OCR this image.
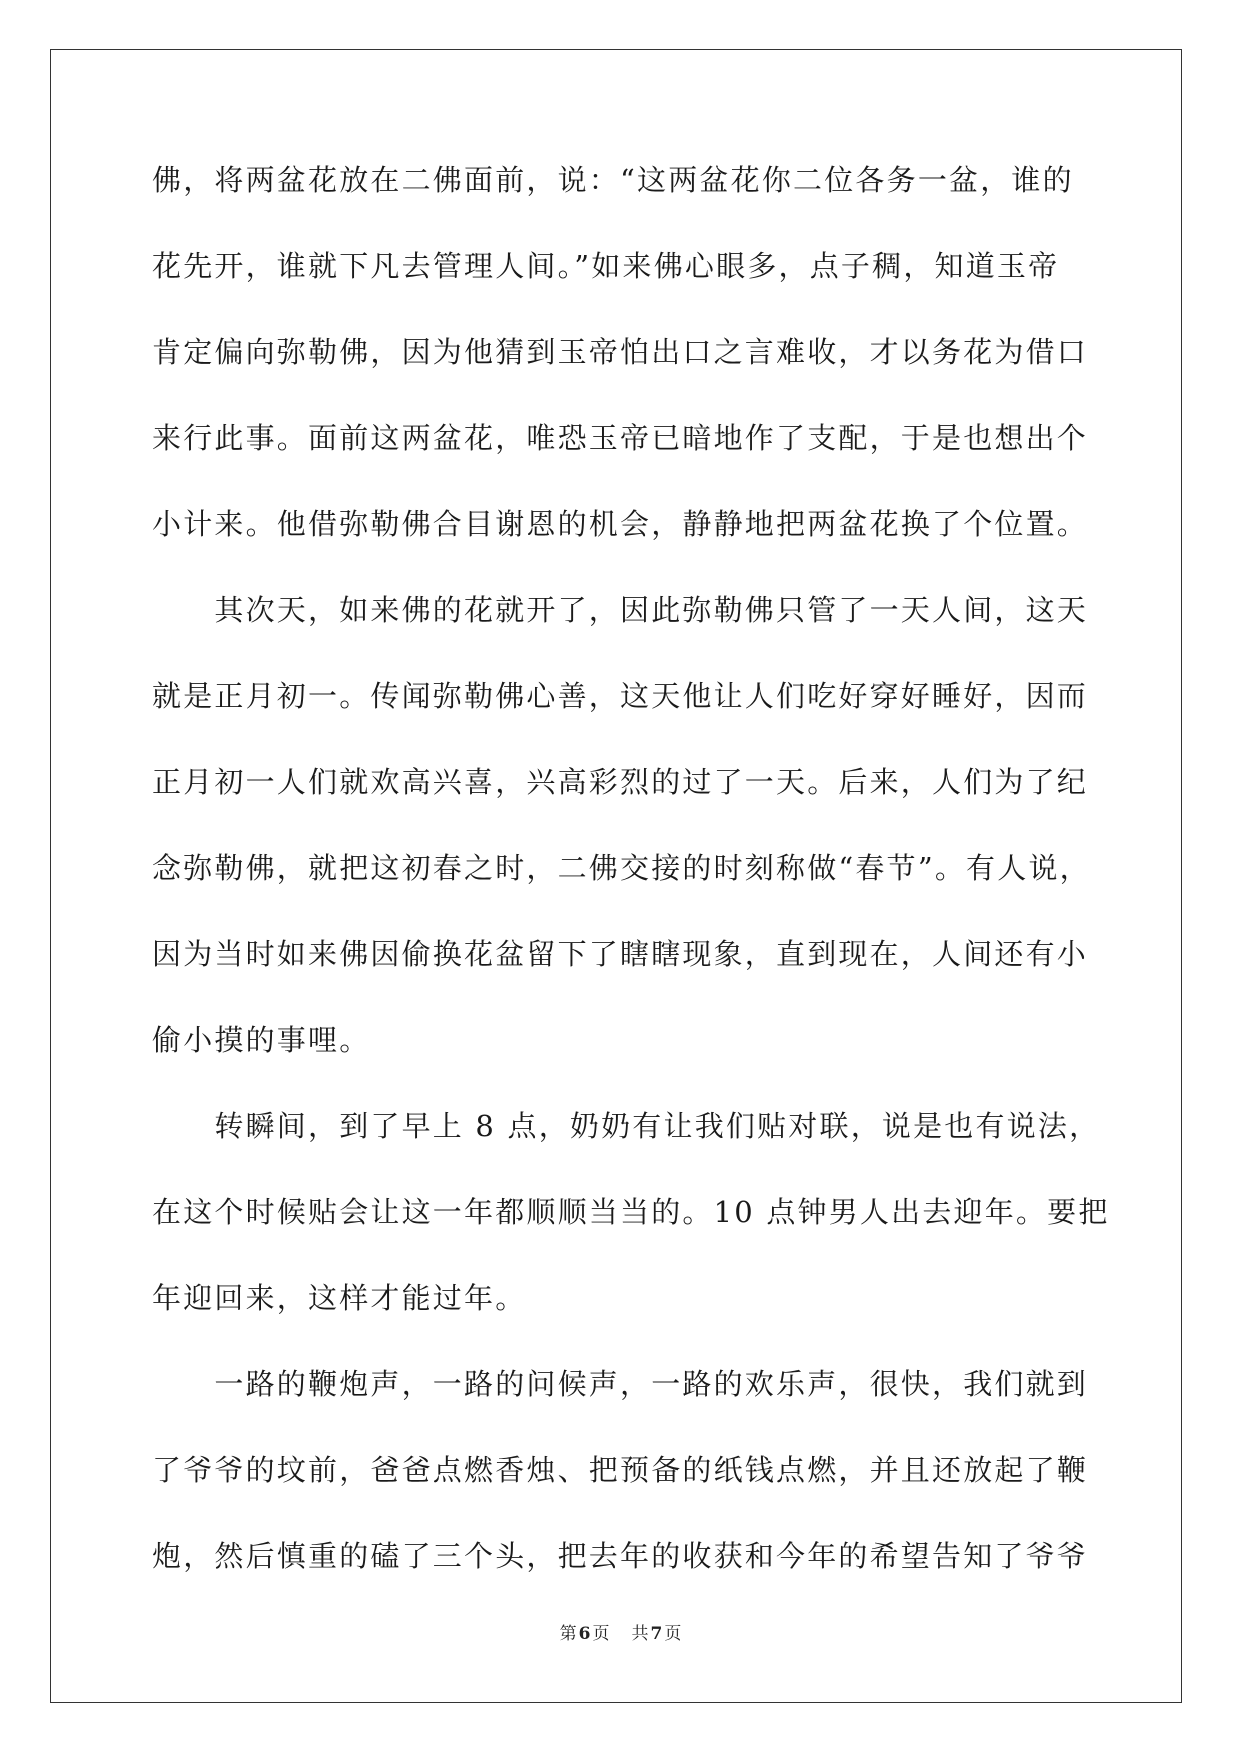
佛，将两盆花放在二佛面前，说：“这两盆花你二位各务一盆，谁的
花先开，谁就下凡去管理人间。”如来佛心眼多，点子稠，知道玉帝
肯定偏向弥勒佛，因为他猜到玉帝怕出口之言难收，才以务花为借口
来行此事。面前这两盆花，唯恐玉帝已暗地作了支配，于是也想出个
小计来。他借弥勒佛合目谢恩的机会，静静地把两盆花换了个位置。
　　其次天，如来佛的花就开了，因此弥勒佛只管了一天人间，这天
就是正月初一。传闻弥勒佛心善，这天他让人们吃好穿好睡好，因而
正月初一人们就欢高兴喜，兴高彩烈的过了一天。后来，人们为了纪
念弥勒佛，就把这初春之时，二佛交接的时刻称做“春节”。有人说，
因为当时如来佛因偷换花盆留下了瞎瞎现象，直到现在，人间还有小
偷小摸的事哩。
　　转瞬间，到了早上 8 点，奶奶有让我们贴对联，说是也有说法，
在这个时候贴会让这一年都顺顺当当的。10 点钟男人出去迎年。要把
年迎回来，这样才能过年。
　　一路的鞭炮声，一路的问候声，一路的欢乐声，很快，我们就到
了爷爷的坟前，爸爸点燃香烛、把预备的纸钱点燃，并且还放起了鞭
炮，然后慎重的磕了三个头，把去年的收获和今年的希望告知了爷爷
第 6 页 共 7 页
